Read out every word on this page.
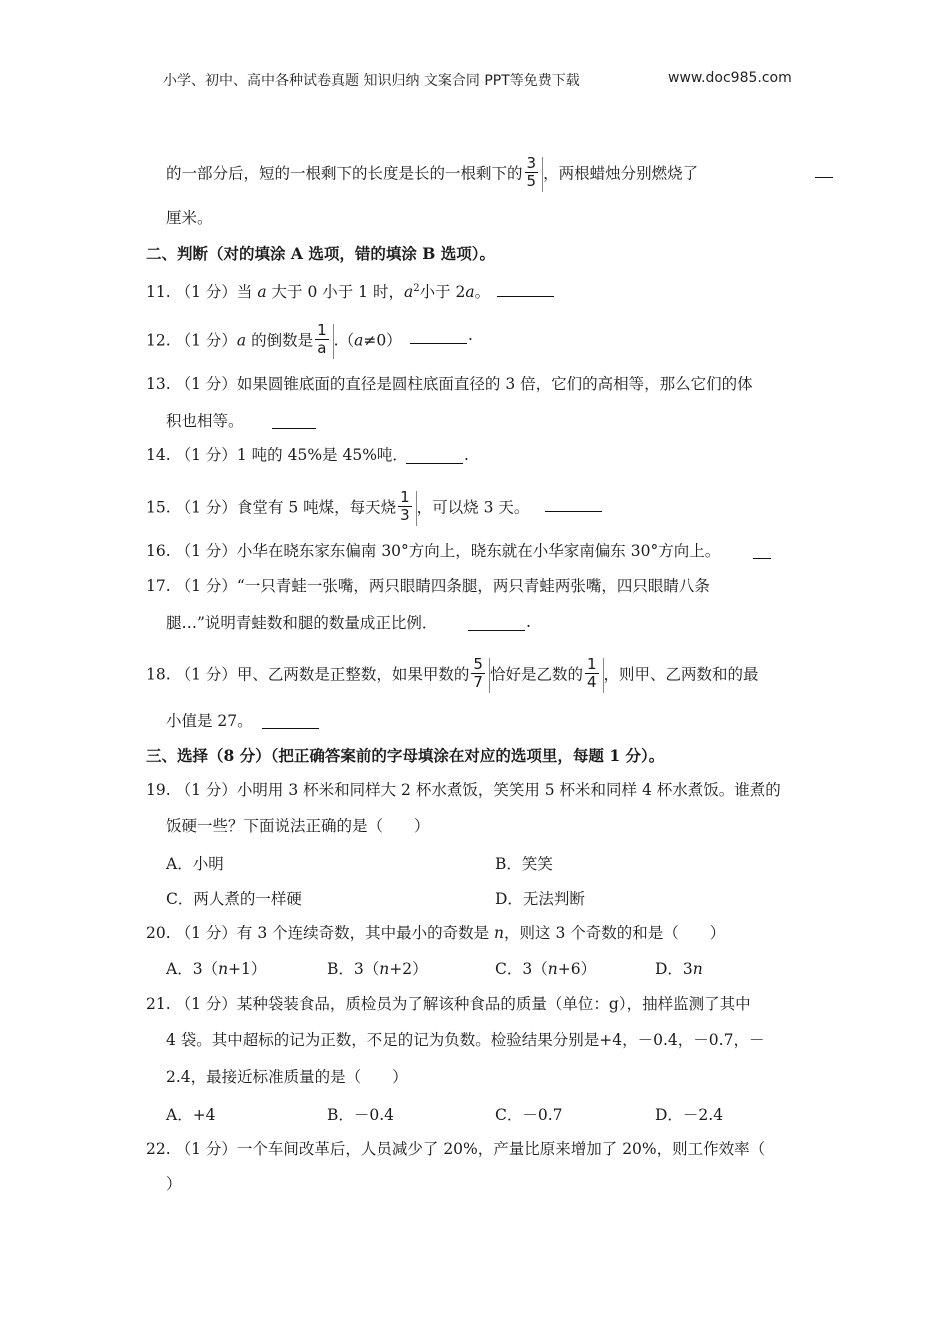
小学、初中、高中各种试卷真题 知识归纳 文案合同 PPT等免费下载	www.doc985.com
的一部分后，短的一根剩下的长度是长的一根剩下的 $\frac{3}{5}$ ，两根蜡烛分别燃烧了
厘米。
二、判断（对的填涂 A 选项，错的填涂 B 选项）。
11. （1 分）当 a 大于 0 小于 1 时，$a^2$小于 2a。
12. （1 分）a 的倒数是 $\frac{1}{a} .(a\ne 0)$	.
13. （1 分）如果圆锥底面的直径是圆柱底面直径的 3 倍，它们的高相等，那么它们的体
积也相等。
14. （1 分）1 吨的 45%是 45%吨．	.
15. （1 分）食堂有 5 吨煤，每天烧 $\frac{1}{3}$ ，可以烧 3 天。
16. （1 分）小华在晓东家东偏南 30°方向上，晓东就在小华家南偏东 30°方向上。
17. （1 分）“一只青蛙一张嘴，两只眼睛四条腿，两只青蛙两张嘴，四只眼睛八条
腿…”说明青蛙数和腿的数量成正比例．	.
18. （1 分）甲、乙两数是正整数，如果甲数的 $\frac{5}{7}$ 恰好是乙数的 $\frac{1}{4}$ ，则甲、乙两数和的最
小值是 27。
三、选择（8 分）（把正确答案前的字母填涂在对应的选项里，每题 1 分）。
19. （1 分）小明用 3 杯米和同样大 2 杯水煮饭，笑笑用 5 杯米和同样 4 杯水煮饭。谁煮的
饭硬一些？下面说法正确的是（　　）
A．小明	B．笑笑
C．两人煮的一样硬	D．无法判断
20. （1 分）有 3 个连续奇数，其中最小的奇数是 n，则这 3 个奇数的和是（　　）
A．3（n+1）	B．3（n+2）	C．3（n+6）	D．3n
21. （1 分）某种袋装食品，质检员为了解该种食品的质量（单位：g），抽样监测了其中
4 袋。其中超标的记为正数，不足的记为负数。检验结果分别是+4，－0.4，－0.7，－
2.4，最接近标准质量的是（　　）
A．+4	B．－0.4	C．－0.7	D．－2.4
22. （1 分）一个车间改革后，人员减少了 20%，产量比原来增加了 20%，则工作效率（
）
